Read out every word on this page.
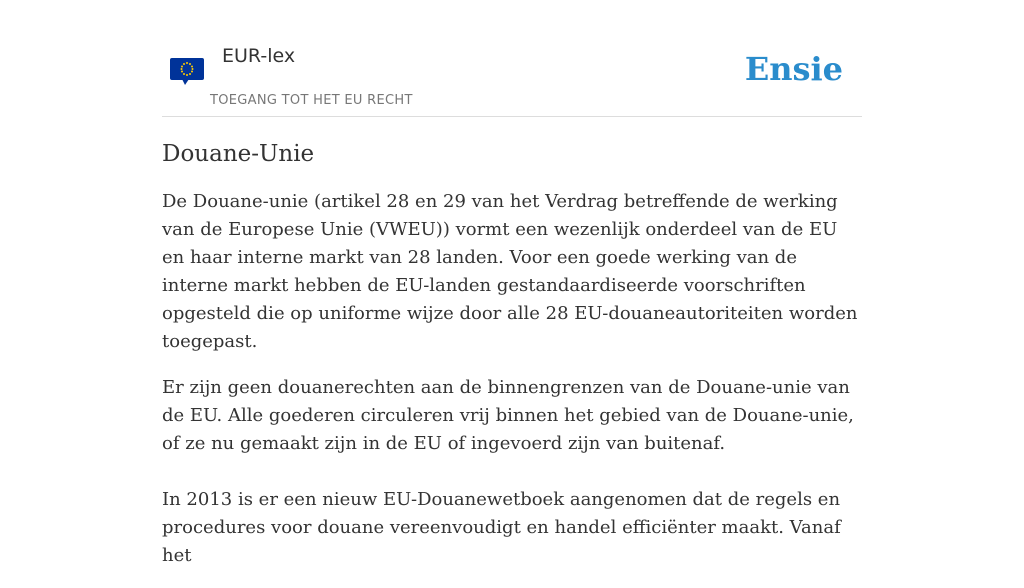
EUR-lex
TOEGANG TOT HET EU RECHT
Ensie
Douane-Unie

De Douane-unie (artikel 28 en 29 van het Verdrag betreffende de werking van de Europese Unie (VWEU)) vormt een wezenlijk onderdeel van de EU en haar interne markt van 28 landen. Voor een goede werking van de interne markt hebben de EU-landen gestandaardiseerde voorschriften opgesteld die op uniforme wijze door alle 28 EU-douaneautoriteiten worden toegepast.

Er zijn geen douanerechten aan de binnengrenzen van de Douane-unie van de EU. Alle goederen circuleren vrij binnen het gebied van de Douane-unie, of ze nu gemaakt zijn in de EU of ingevoerd zijn van buitenaf.

In 2013 is er een nieuw EU-Douanewetboek aangenomen dat de regels en procedures voor douane vereenvoudigt en handel efficiënter maakt. Vanaf het
